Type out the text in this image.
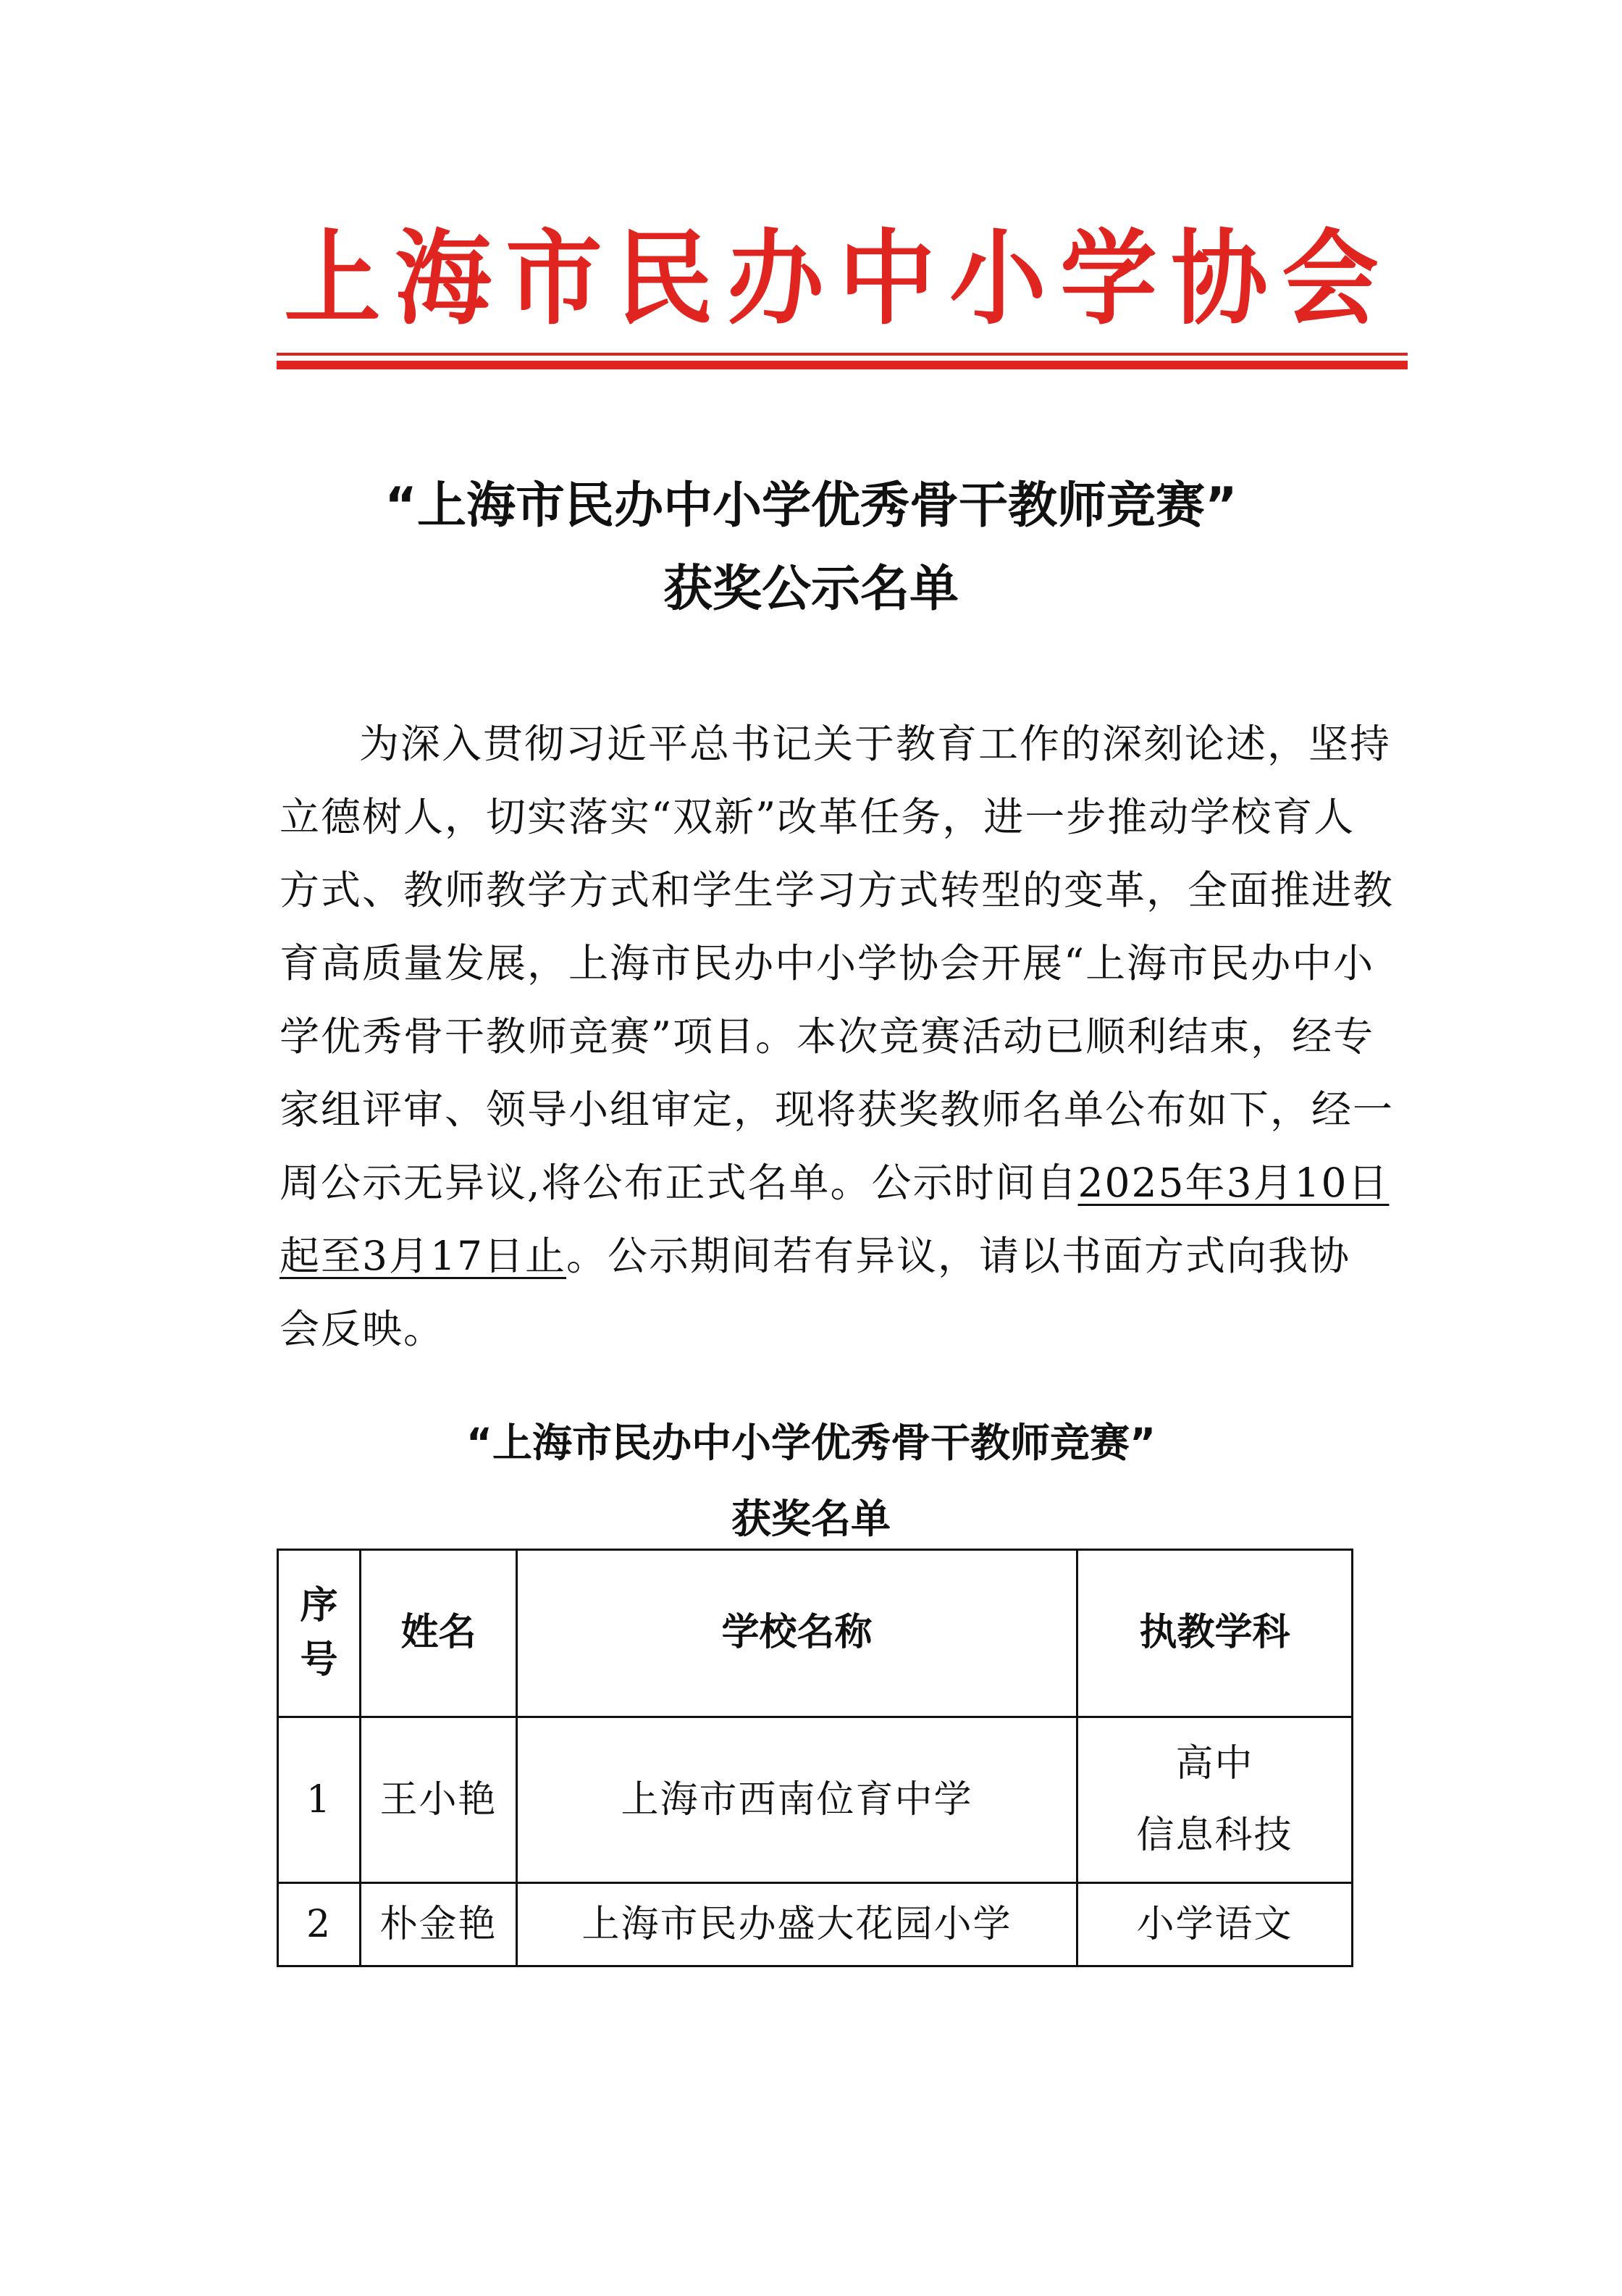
上 海 市 民 办 中 小 学 协 会
“上海市民办中小学优秀骨干教师竞赛”
获奖公示名单
为深入贯彻习近平总书记关于教育工作的深刻论述，坚持
立德树人，切实落实“双新”改革任务，进一步推动学校育人
方式、教师教学方式和学生学习方式转型的变革，全面推进教
育高质量发展，上海市民办中小学协会开展“上海市民办中小
学优秀骨干教师竞赛”项目。本次竞赛活动已顺利结束，经专
家组评审、领导小组审定，现将获奖教师名单公布如下，经一
周公示无异议,将公布正式名单。公示时间自2025年3月10日
起至3月17日止。公示期间若有异议，请以书面方式向我协
会反映。
“上海市民办中小学优秀骨干教师竞赛”
获奖名单
序
号	姓名	学校名称	执教学科
1	王小艳	上海市西南位育中学	高中
信息科技

2	朴金艳	上海市民办盛大花园小学	小学语文
